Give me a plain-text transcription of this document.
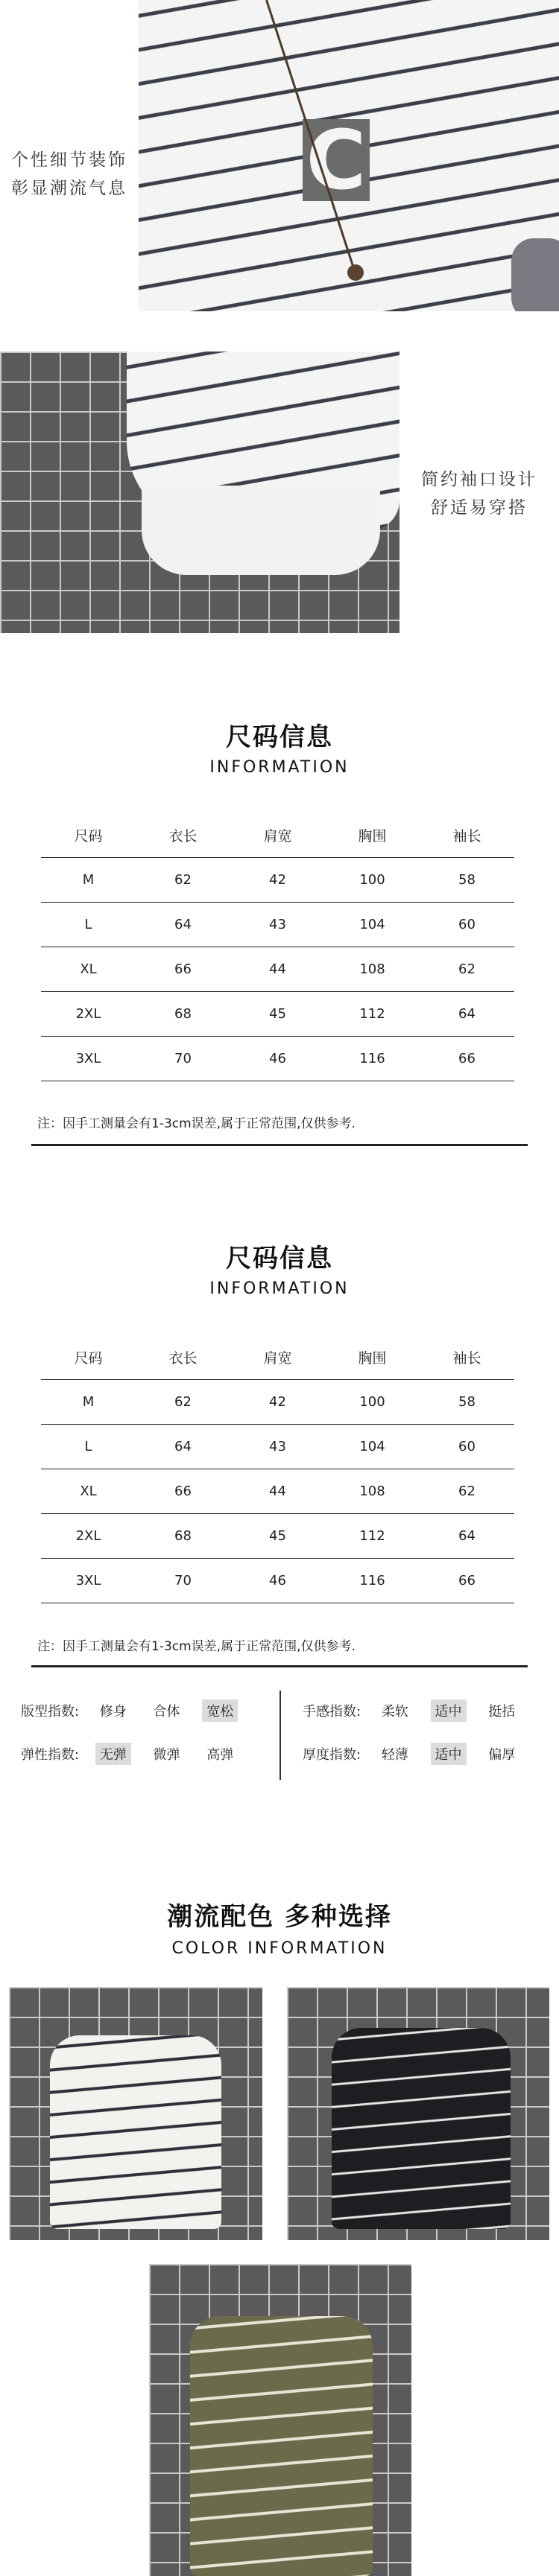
C
个性细节装饰
彰显潮流气息
简约袖口设计
舒适易穿搭
尺码信息
INFORMATION
尺码	衣长	肩宽	胸围	袖长
M	62	42	100	58
L	64	43	104	60
XL	66	44	108	62
2XL	68	45	112	64
3XL	70	46	116	66
注：因手工测量会有1-3cm误差,属于正常范围,仅供参考.
尺码信息
INFORMATION
尺码	衣长	肩宽	胸围	袖长
M	62	42	100	58
L	64	43	104	60
XL	66	44	108	62
2XL	68	45	112	64
3XL	70	46	116	66
注：因手工测量会有1-3cm误差,属于正常范围,仅供参考.
版型指数: 修身 合体 宽松	手感指数: 柔软 适中 挺括
弹性指数: 无弹 微弹 高弹	厚度指数: 轻薄 适中 偏厚
潮流配色 多种选择
COLOR INFORMATION
